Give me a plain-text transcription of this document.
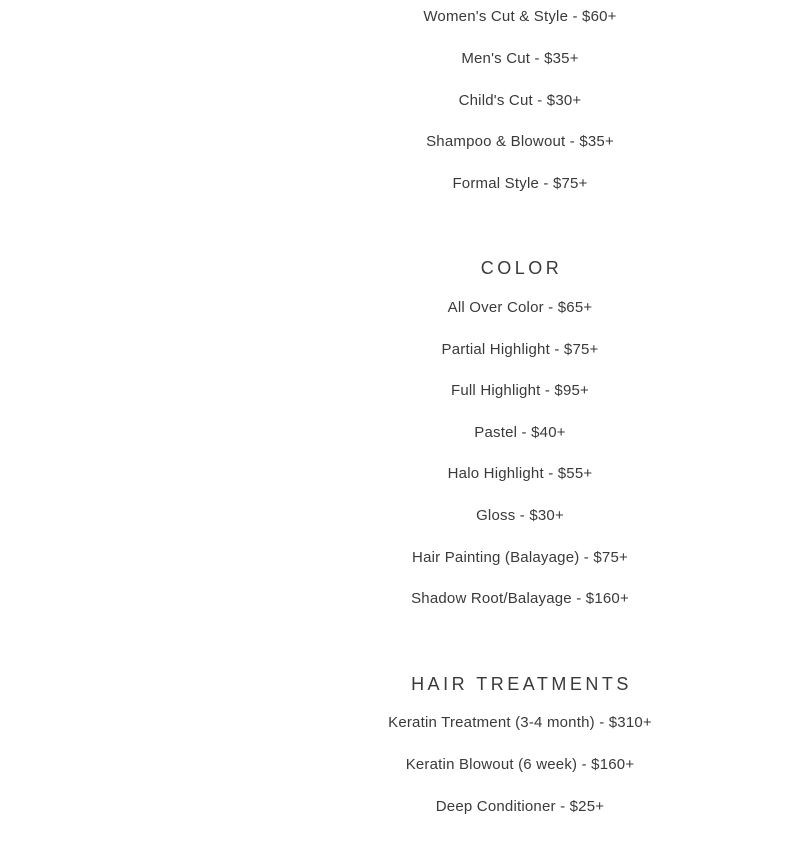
Women's Cut & Style - $60+
Men's Cut - $35+
Child's Cut - $30+
Shampoo & Blowout - $35+
Formal Style - $75+
COLOR
All Over Color - $65+
Partial Highlight - $75+
Full Highlight - $95+
Pastel - $40+
Halo Highlight - $55+
Gloss - $30+
Hair Painting (Balayage) - $75+
Shadow Root/Balayage - $160+
HAIR TREATMENTS
Keratin Treatment (3-4 month) - $310+
Keratin Blowout (6 week) - $160+
Deep Conditioner - $25+
